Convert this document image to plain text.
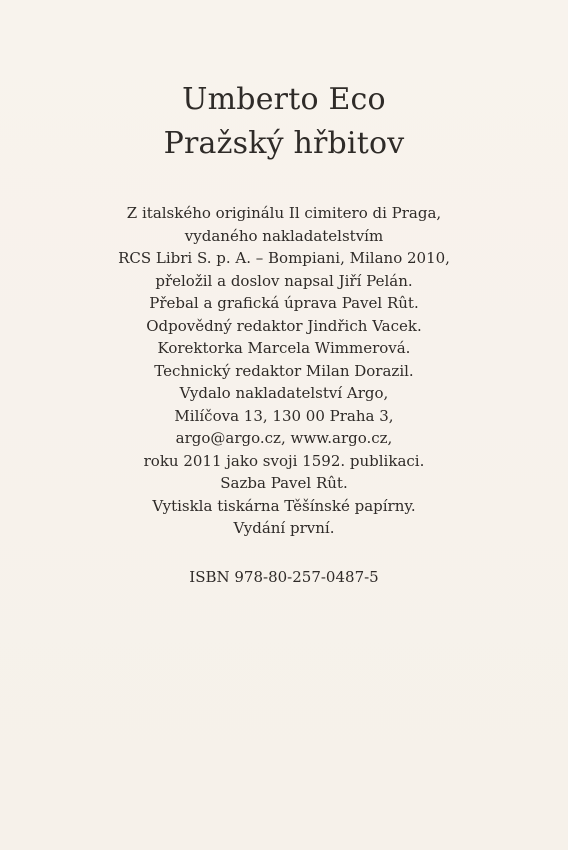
Umberto Eco
Pražský hřbitov
Z italského originálu Il cimitero di Praga,
vydaného nakladatelstvím
RCS Libri S. p. A. – Bompiani, Milano 2010,
přeložil a doslov napsal Jiří Pelán.
Přebal a grafická úprava Pavel Rût.
Odpovědný redaktor Jindřich Vacek.
Korektorka Marcela Wimmerová.
Technický redaktor Milan Dorazil.
Vydalo nakladatelství Argo,
Milíčova 13, 130 00 Praha 3,
argo@argo.cz, www.argo.cz,
roku 2011 jako svoji 1592. publikaci.
Sazba Pavel Rût.
Vytiskla tiskárna Těšínské papírny.
Vydání první.
ISBN 978-80-257-0487-5
